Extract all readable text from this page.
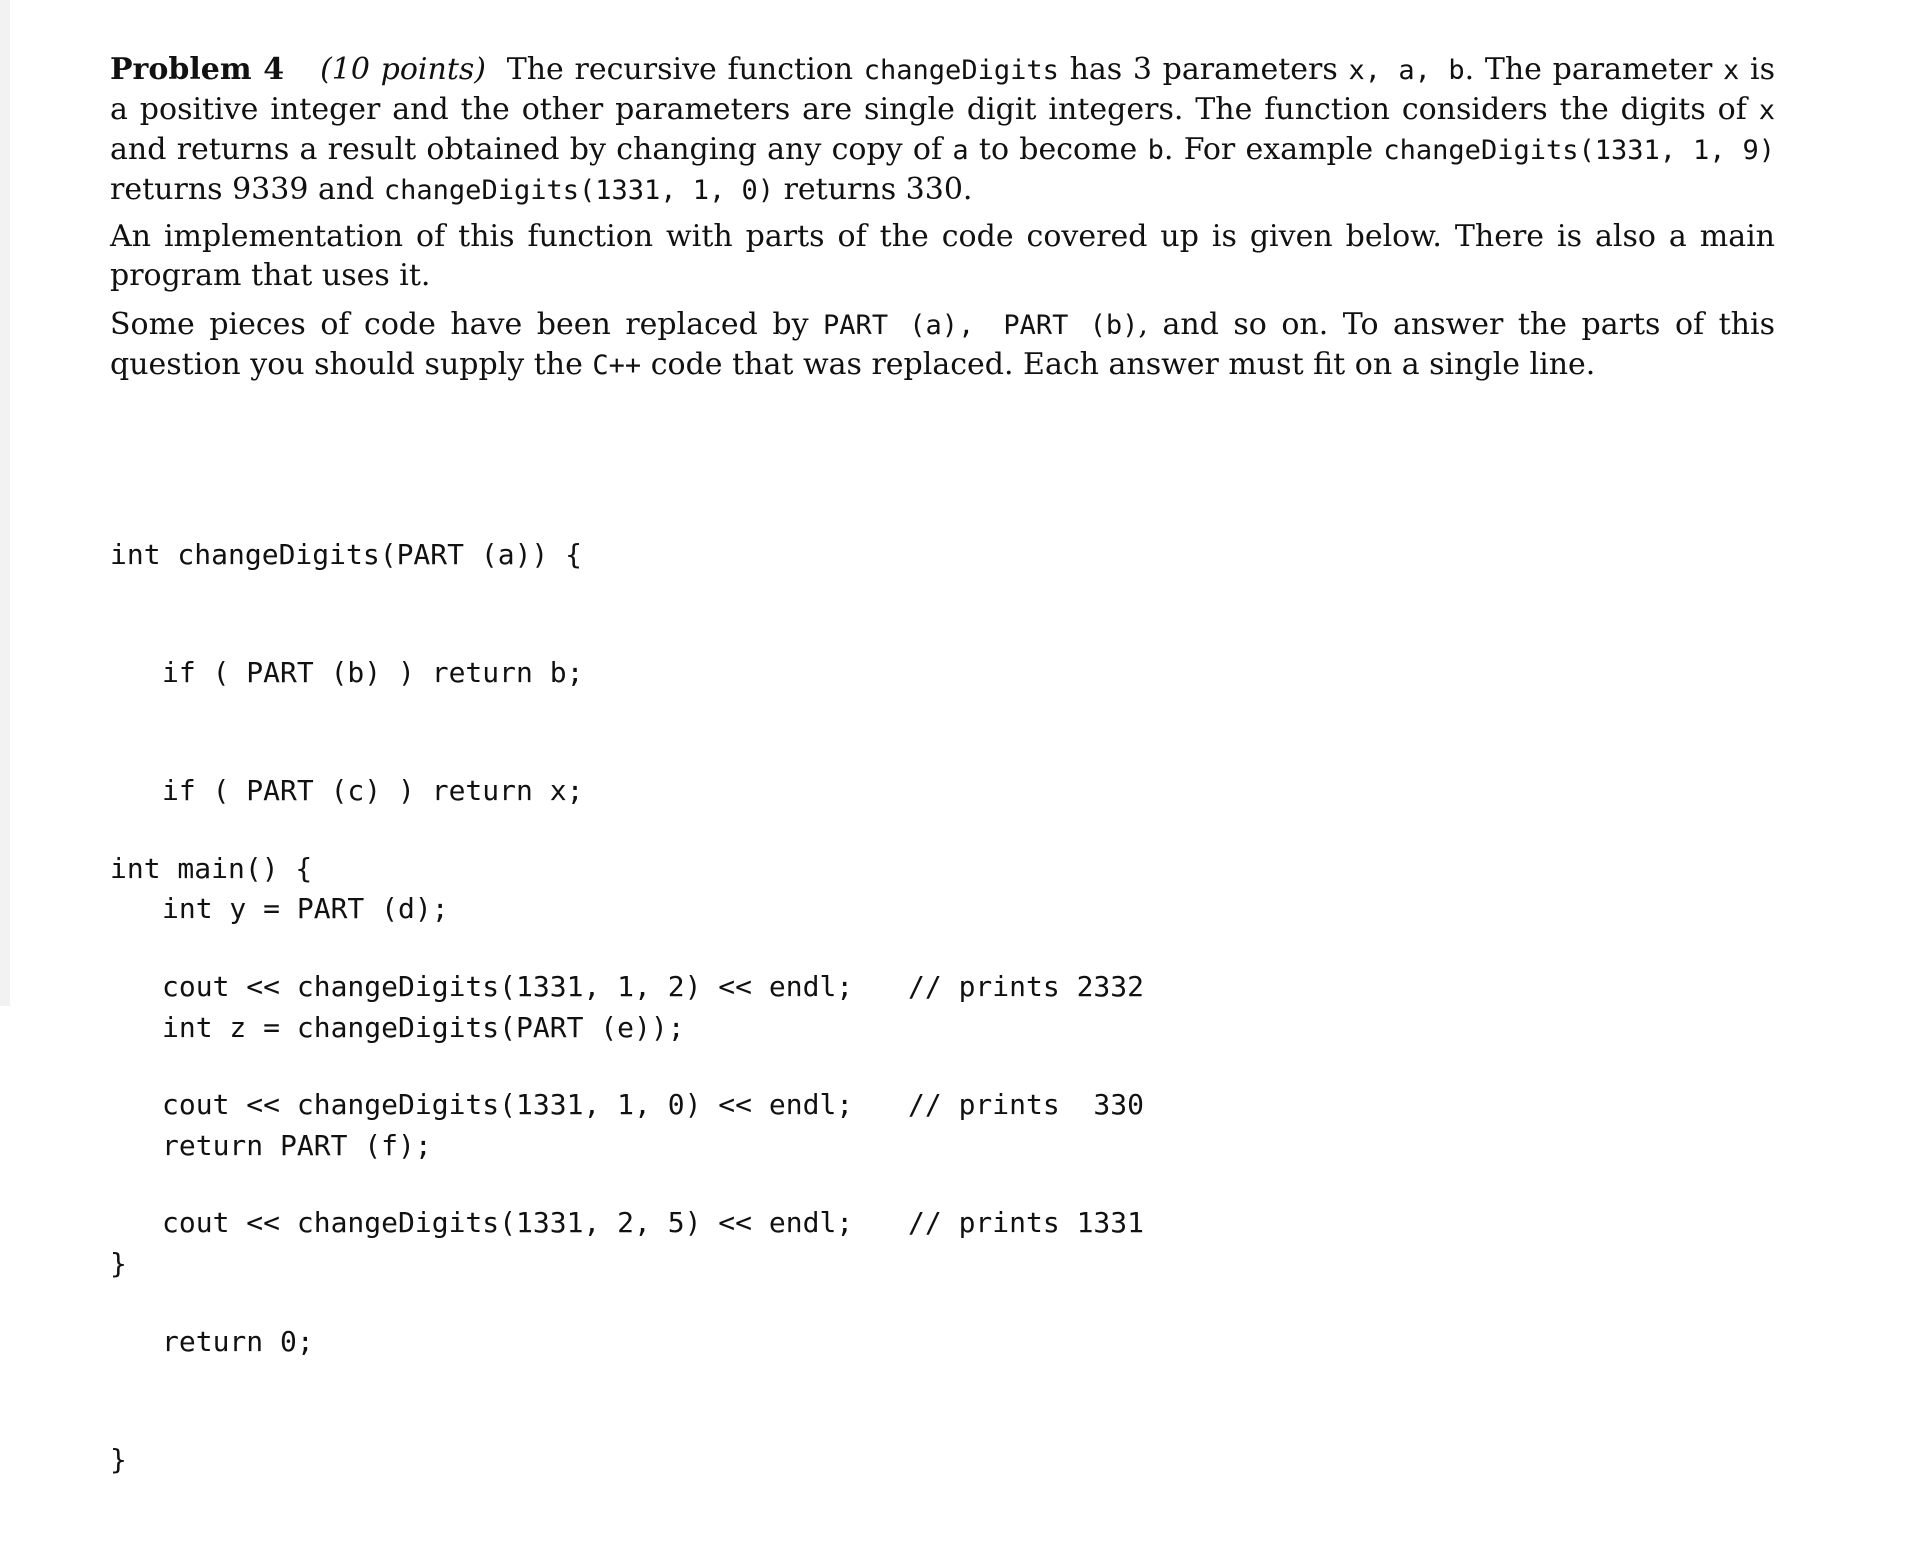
Problem 4 (10 points) The recursive function changeDigits has 3 parameters x, a, b. The parameter x is a positive integer and the other parameters are single digit integers. The function considers the digits of x and returns a result obtained by changing any copy of a to become b. For example changeDigits(1331, 1, 9) returns 9339 and changeDigits(1331, 1, 0) returns 330.

An implementation of this function with parts of the code covered up is given below. There is also a main program that uses it.

Some pieces of code have been replaced by PART (a), PART (b), and so on. To answer the parts of this question you should supply the C++ code that was replaced. Each answer must fit on a single line.

int changeDigits(PART (a)) {

if ( PART (b) ) return b;

if ( PART (c) ) return x;

int y = PART (d);

int z = changeDigits(PART (e));

return PART (f);

}

int main() {

cout << changeDigits(1331, 1, 2) << endl; // prints 2332

cout << changeDigits(1331, 1, 0) << endl; // prints  330

cout << changeDigits(1331, 2, 5) << endl; // prints 1331

return 0;

}
